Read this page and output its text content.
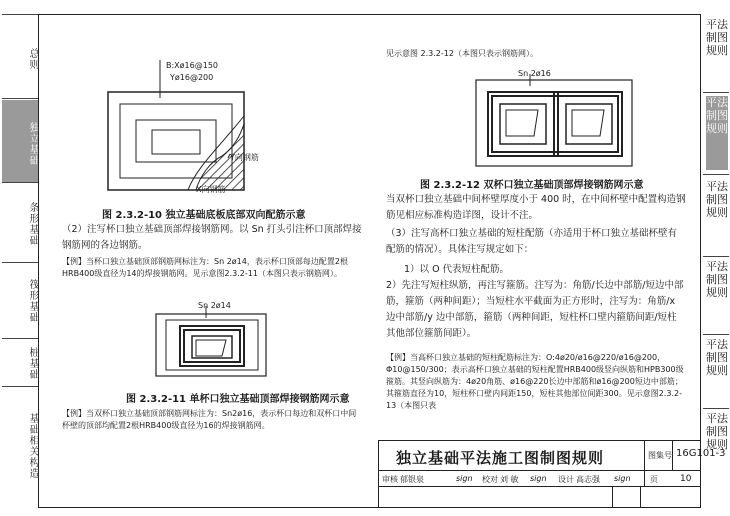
总则
独立基础
条形基础
筏形基础
桩基础
基础相关构造
平法制图规则
平法制图规则
平法制图规则
平法制图规则
平法制图规则
平法制图规则
B:Xø16@150
Yø16@200
Y向钢筋
X向钢筋
图 2.3.2-10 独立基础底板底部双向配筋示意
（2）注写杯口独立基础顶部焊接钢筋网。以 Sn 打头引注杯口顶部焊接钢筋网的各边钢筋。
【例】当杯口独立基础顶部钢筋网标注为：Sn 2ø14，表示杯口顶部每边配置2根HRB400级直径为14的焊接钢筋网。见示意图2.3.2-11（本图只表示钢筋网）。
Sn 2ø14
图 2.3.2-11 单杯口独立基础顶部焊接钢筋网示意
【例】当双杯口独立基础顶部钢筋网标注为：Sn2ø16，表示杯口每边和双杯口中间杯壁的顶部均配置2根HRB400级直径为16的焊接钢筋网。
见示意图 2.3.2-12（本图只表示钢筋网）。
Sn 2ø16
图 2.3.2-12 双杯口独立基础顶部焊接钢筋网示意
当双杯口独立基础中间杯壁厚度小于 400 时，在中间杯壁中配置构造钢筋见相应标准构造详图，设计不注。
（3）注写高杯口独立基础的短柱配筋（亦适用于杯口独立基础杯壁有配筋的情况）。具体注写规定如下：
1）以 O 代表短柱配筋。
2）先注写短柱纵筋，再注写箍筋。注写为：角筋/长边中部筋/短边中部筋，箍筋（两种间距）；当短柱水平截面为正方形时，注写为：角筋/x 边中部筋/y 边中部筋，箍筋（两种间距，短柱杯口壁内箍筋间距/短柱其他部位箍筋间距）。
【例】当高杯口独立基础的短柱配筋标注为：O:4ø20/ø16@220/ø16@200，Φ10@150/300；表示高杯口独立基础的短柱配置HRB400级竖向纵筋和HPB300级箍筋。其竖向纵筋为：4ø20角筋、ø16@220长边中部筋和ø16@200短边中部筋；其箍筋直径为10，短柱杯口壁内间距150，短柱其他部位间距300。见示意图2.3.2-13（本图只表
独立基础平法施工图制图规则	图集号 16G101-3
审核 郁银泉	sign 校对 刘 敏 sign 设计 高志强 sign 页 10
